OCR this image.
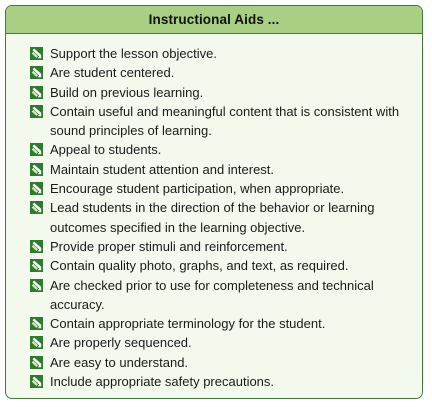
Instructional Aids ...
Support the lesson objective.
Are student centered.
Build on previous learning.
Contain useful and meaningful content that is consistent with sound principles of learning.
Appeal to students.
Maintain student attention and interest.
Encourage student participation, when appropriate.
Lead students in the direction of the behavior or learning outcomes specified in the learning objective.
Provide proper stimuli and reinforcement.
Contain quality photo, graphs, and text, as required.
Are checked prior to use for completeness and technical accuracy.
Contain appropriate terminology for the student.
Are properly sequenced.
Are easy to understand.
Include appropriate safety precautions.
